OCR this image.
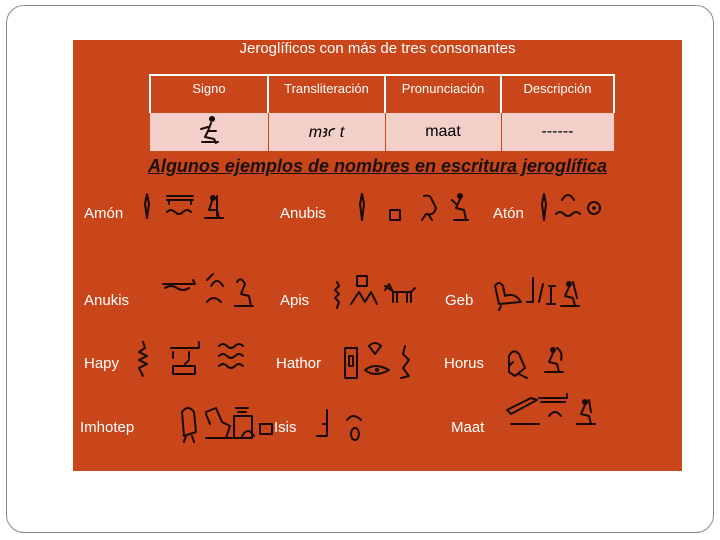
Jeroglíficos con más de tres consonantes
Signo	Transliteración	Pronunciación	Descripción
	mꜣꜥ t	maat	------
Algunos ejemplos de nombres en escritura jeroglífica
Amón	Anubis	Atón
Anukis	Apis	Geb
Hapy	Hathor	Horus
Imhotep	Isis	Maat
